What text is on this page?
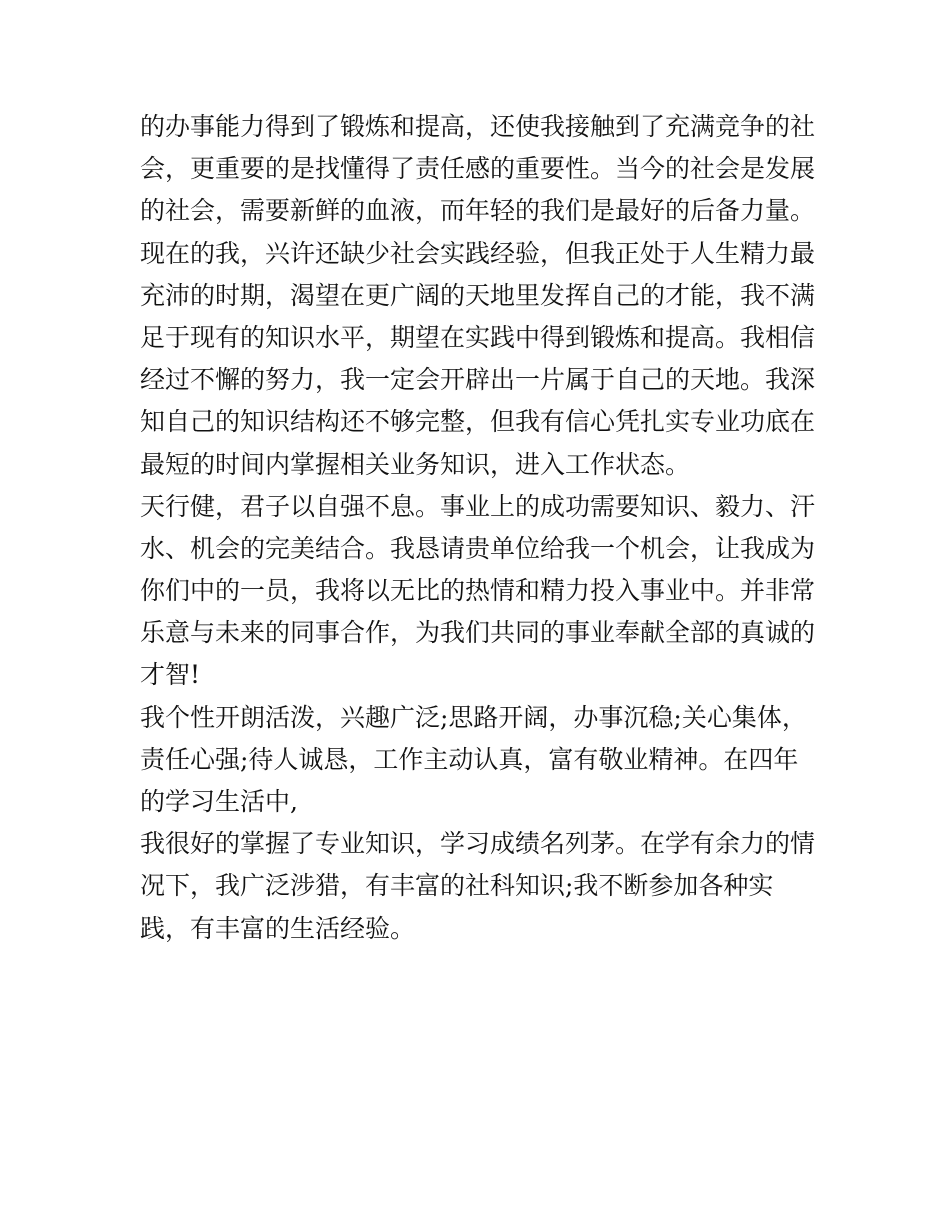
的办事能力得到了锻炼和提高，还使我接触到了充满竞争的社
会，更重要的是找懂得了责任感的重要性。当今的社会是发展
的社会，需要新鲜的血液，而年轻的我们是最好的后备力量。
现在的我，兴许还缺少社会实践经验，但我正处于人生精力最
充沛的时期，渴望在更广阔的天地里发挥自己的才能，我不满
足于现有的知识水平，期望在实践中得到锻炼和提高。我相信
经过不懈的努力，我一定会开辟出一片属于自己的天地。我深
知自己的知识结构还不够完整，但我有信心凭扎实专业功底在
最短的时间内掌握相关业务知识，进入工作状态。
天行健，君子以自强不息。事业上的成功需要知识、毅力、汗
水、机会的完美结合。我恳请贵单位给我一个机会，让我成为
你们中的一员，我将以无比的热情和精力投入事业中。并非常
乐意与未来的同事合作，为我们共同的事业奉献全部的真诚的
才智!
我个性开朗活泼，兴趣广泛;思路开阔，办事沉稳;关心集体，
责任心强;待人诚恳，工作主动认真，富有敬业精神。在四年
的学习生活中,
我很好的掌握了专业知识，学习成绩名列茅。在学有余力的情
况下，我广泛涉猎，有丰富的社科知识;我不断参加各种实
践，有丰富的生活经验。
